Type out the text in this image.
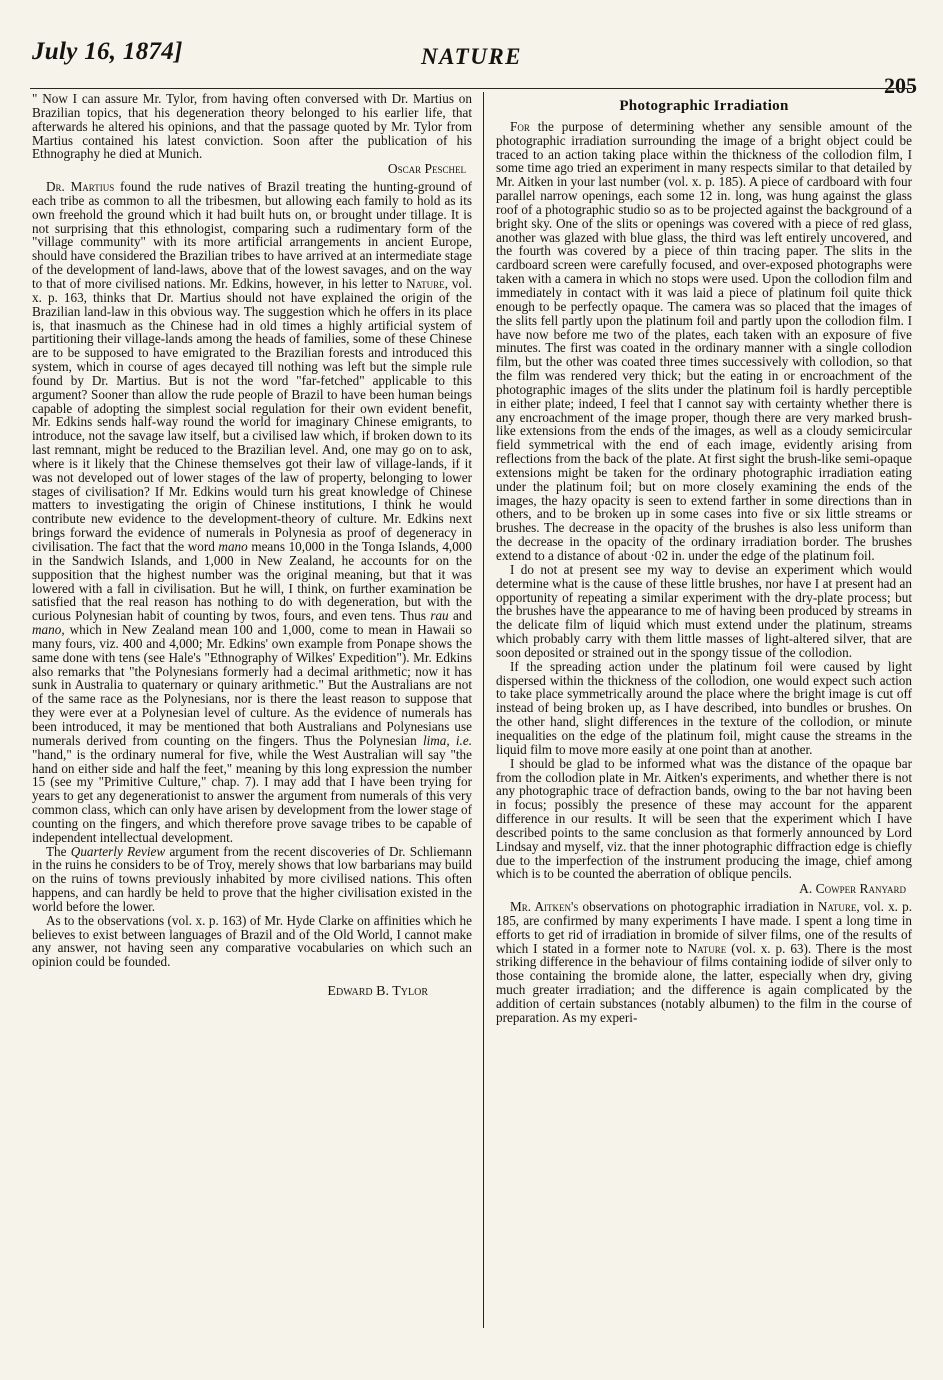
July 16, 1874]	NATURE
205

" Now I can assure Mr. Tylor, from having often conversed with Dr. Martius on Brazilian topics, that his degeneration theory belonged to his earlier life, that afterwards he altered his opinions, and that the passage quoted by Mr. Tylor from Martius contained his latest conviction. Soon after the publication of his Ethnography he died at Munich.

Oscar Peschel

Dr. Martius found the rude natives of Brazil treating the hunting-ground of each tribe as common to all the tribesmen, but allowing each family to hold as its own freehold the ground which it had built huts on, or brought under tillage. It is not surprising that this ethnologist, comparing such a rudimentary form of the "village community" with its more artificial arrangements in ancient Europe, should have considered the Brazilian tribes to have arrived at an intermediate stage of the development of land-laws, above that of the lowest savages, and on the way to that of more civilised nations. Mr. Edkins, however, in his letter to Nature, vol. x. p. 163, thinks that Dr. Martius should not have explained the origin of the Brazilian land-law in this obvious way. The suggestion which he offers in its place is, that inasmuch as the Chinese had in old times a highly artificial system of partitioning their village-lands among the heads of families, some of these Chinese are to be supposed to have emigrated to the Brazilian forests and introduced this system, which in course of ages decayed till nothing was left but the simple rule found by Dr. Martius. But is not the word "far-fetched" applicable to this argument? Sooner than allow the rude people of Brazil to have been human beings capable of adopting the simplest social regulation for their own evident benefit, Mr. Edkins sends half-way round the world for imaginary Chinese emigrants, to introduce, not the savage law itself, but a civilised law which, if broken down to its last remnant, might be reduced to the Brazilian level. And, one may go on to ask, where is it likely that the Chinese themselves got their law of village-lands, if it was not developed out of lower stages of the law of property, belonging to lower stages of civilisation? If Mr. Edkins would turn his great knowledge of Chinese matters to investigating the origin of Chinese institutions, I think he would contribute new evidence to the development-theory of culture. Mr. Edkins next brings forward the evidence of numerals in Polynesia as proof of degeneracy in civilisation. The fact that the word mano means 10,000 in the Tonga Islands, 4,000 in the Sandwich Islands, and 1,000 in New Zealand, he accounts for on the supposition that the highest number was the original meaning, but that it was lowered with a fall in civilisation. But he will, I think, on further examination be satisfied that the real reason has nothing to do with degeneration, but with the curious Polynesian habit of counting by twos, fours, and even tens. Thus rau and mano, which in New Zealand mean 100 and 1,000, come to mean in Hawaii so many fours, viz. 400 and 4,000; Mr. Edkins' own example from Ponape shows the same done with tens (see Hale's "Ethnography of Wilkes' Expedition"). Mr. Edkins also remarks that "the Polynesians formerly had a decimal arithmetic; now it has sunk in Australia to quaternary or quinary arithmetic." But the Australians are not of the same race as the Polynesians, nor is there the least reason to suppose that they were ever at a Polynesian level of culture. As the evidence of numerals has been introduced, it may be mentioned that both Australians and Polynesians use numerals derived from counting on the fingers. Thus the Polynesian lima, i.e. "hand," is the ordinary numeral for five, while the West Australian will say "the hand on either side and half the feet," meaning by this long expression the number 15 (see my "Primitive Culture," chap. 7). I may add that I have been trying for years to get any degenerationist to answer the argument from numerals of this very common class, which can only have arisen by development from the lower stage of counting on the fingers, and which therefore prove savage tribes to be capable of independent intellectual development.

The Quarterly Review argument from the recent discoveries of Dr. Schliemann in the ruins he considers to be of Troy, merely shows that low barbarians may build on the ruins of towns previously inhabited by more civilised nations. This often happens, and can hardly be held to prove that the higher civilisation existed in the world before the lower.

As to the observations (vol. x. p. 163) of Mr. Hyde Clarke on affinities which he believes to exist between languages of Brazil and of the Old World, I cannot make any answer, not having seen any comparative vocabularies on which such an opinion could be founded.

Edward B. Tylor

Photographic Irradiation

For the purpose of determining whether any sensible amount of the photographic irradiation surrounding the image of a bright object could be traced to an action taking place within the thickness of the collodion film, I some time ago tried an experiment in many respects similar to that detailed by Mr. Aitken in your last number (vol. x. p. 185). A piece of cardboard with four parallel narrow openings, each some 12 in. long, was hung against the glass roof of a photographic studio so as to be projected against the background of a bright sky. One of the slits or openings was covered with a piece of red glass, another was glazed with blue glass, the third was left entirely uncovered, and the fourth was covered by a piece of thin tracing paper. The slits in the cardboard screen were carefully focused, and over-exposed photographs were taken with a camera in which no stops were used. Upon the collodion film and immediately in contact with it was laid a piece of platinum foil quite thick enough to be perfectly opaque. The camera was so placed that the images of the slits fell partly upon the platinum foil and partly upon the collodion film. I have now before me two of the plates, each taken with an exposure of five minutes. The first was coated in the ordinary manner with a single collodion film, but the other was coated three times successively with collodion, so that the film was rendered very thick; but the eating in or encroachment of the photographic images of the slits under the platinum foil is hardly perceptible in either plate; indeed, I feel that I cannot say with certainty whether there is any encroachment of the image proper, though there are very marked brush-like extensions from the ends of the images, as well as a cloudy semicircular field symmetrical with the end of each image, evidently arising from reflections from the back of the plate. At first sight the brush-like semi-opaque extensions might be taken for the ordinary photographic irradiation eating under the platinum foil; but on more closely examining the ends of the images, the hazy opacity is seen to extend farther in some directions than in others, and to be broken up in some cases into five or six little streams or brushes. The decrease in the opacity of the brushes is also less uniform than the decrease in the opacity of the ordinary irradiation border. The brushes extend to a distance of about ·02 in. under the edge of the platinum foil.

I do not at present see my way to devise an experiment which would determine what is the cause of these little brushes, nor have I at present had an opportunity of repeating a similar experiment with the dry-plate process; but the brushes have the appearance to me of having been produced by streams in the delicate film of liquid which must extend under the platinum, streams which probably carry with them little masses of light-altered silver, that are soon deposited or strained out in the spongy tissue of the collodion.

If the spreading action under the platinum foil were caused by light dispersed within the thickness of the collodion, one would expect such action to take place symmetrically around the place where the bright image is cut off instead of being broken up, as I have described, into bundles or brushes. On the other hand, slight differences in the texture of the collodion, or minute inequalities on the edge of the platinum foil, might cause the streams in the liquid film to move more easily at one point than at another.

I should be glad to be informed what was the distance of the opaque bar from the collodion plate in Mr. Aitken's experiments, and whether there is not any photographic trace of defraction bands, owing to the bar not having been in focus; possibly the presence of these may account for the apparent difference in our results. It will be seen that the experiment which I have described points to the same conclusion as that formerly announced by Lord Lindsay and myself, viz. that the inner photographic diffraction edge is chiefly due to the imperfection of the instrument producing the image, chief among which is to be counted the aberration of oblique pencils.

A. Cowper Ranyard

Mr. Aitken's observations on photographic irradiation in Nature, vol. x. p. 185, are confirmed by many experiments I have made. I spent a long time in efforts to get rid of irradiation in bromide of silver films, one of the results of which I stated in a former note to Nature (vol. x. p. 63). There is the most striking difference in the behaviour of films containing iodide of silver only to those containing the bromide alone, the latter, especially when dry, giving much greater irradiation; and the difference is again complicated by the addition of certain substances (notably albumen) to the film in the course of preparation. As my experi-
